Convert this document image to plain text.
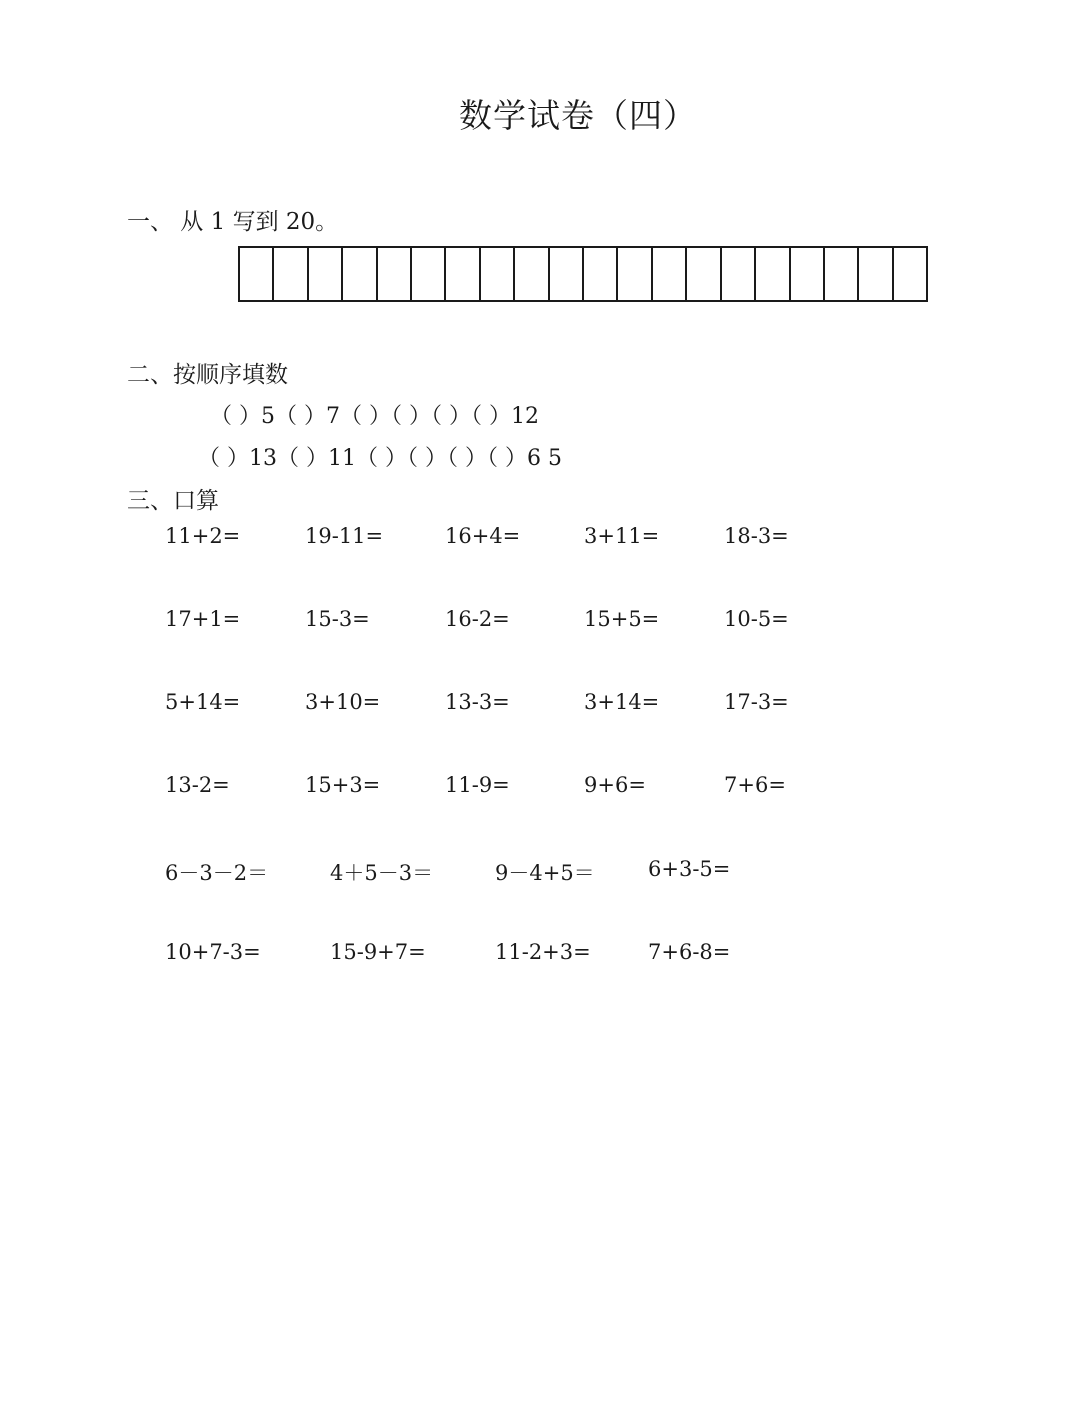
数学试卷（四）
一、 从 1 写到 20。
二、按顺序填数
（ ）5（ ）7（ ）（ ）（ ）（ ）12
（ ）13（ ）11（ ）（ ）（ ）（ ）6 5
三、口算
11+2=	19-11=	16+4=	3+11=	18-3=
17+1=	15-3=	16-2=	15+5=	10-5=
5+14=	3+10=	13-3=	3+14=	17-3=
13-2=	15+3=	11-9=	9+6=	7+6=
6－3－2＝	4＋5－3＝	9－4+5＝	6+3-5=
10+7-3=	15-9+7=	11-2+3=	7+6-8=
